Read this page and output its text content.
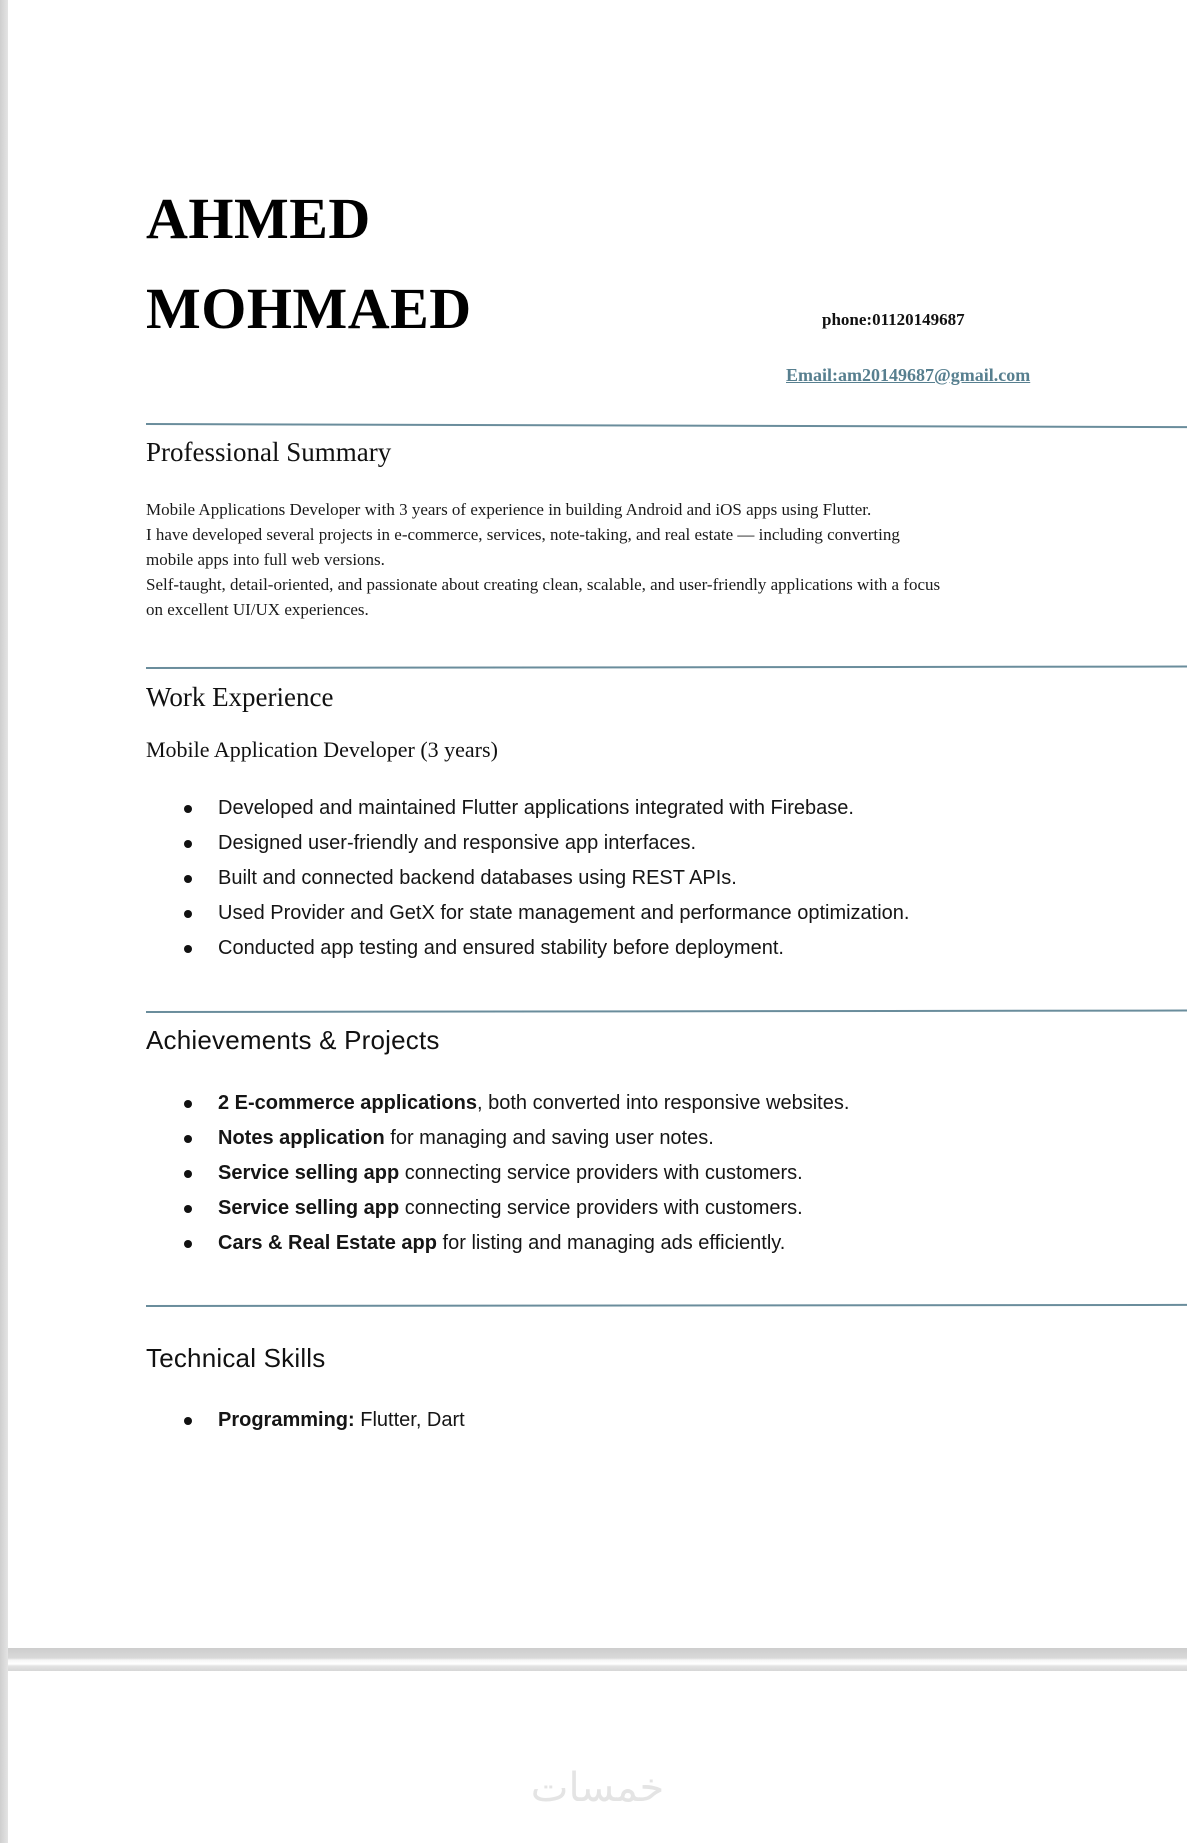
AHMED
MOHMAED	phone:01120149687
Email:am20149687@gmail.com
Professional Summary
Mobile Applications Developer with 3 years of experience in building Android and iOS apps using Flutter.
I have developed several projects in e-commerce, services, note-taking, and real estate — including converting
mobile apps into full web versions.
Self-taught, detail-oriented, and passionate about creating clean, scalable, and user-friendly applications with a focus
on excellent UI/UX experiences.
Work Experience
Mobile Application Developer (3 years)
Developed and maintained Flutter applications integrated with Firebase.
Designed user-friendly and responsive app interfaces.
Built and connected backend databases using REST APIs.
Used Provider and GetX for state management and performance optimization.
Conducted app testing and ensured stability before deployment.
Achievements & Projects
2 E-commerce applications, both converted into responsive websites.
Notes application for managing and saving user notes.
Service selling app connecting service providers with customers.
Service selling app connecting service providers with customers.
Cars & Real Estate app for listing and managing ads efficiently.
Technical Skills
Programming: Flutter, Dart
خمسات
